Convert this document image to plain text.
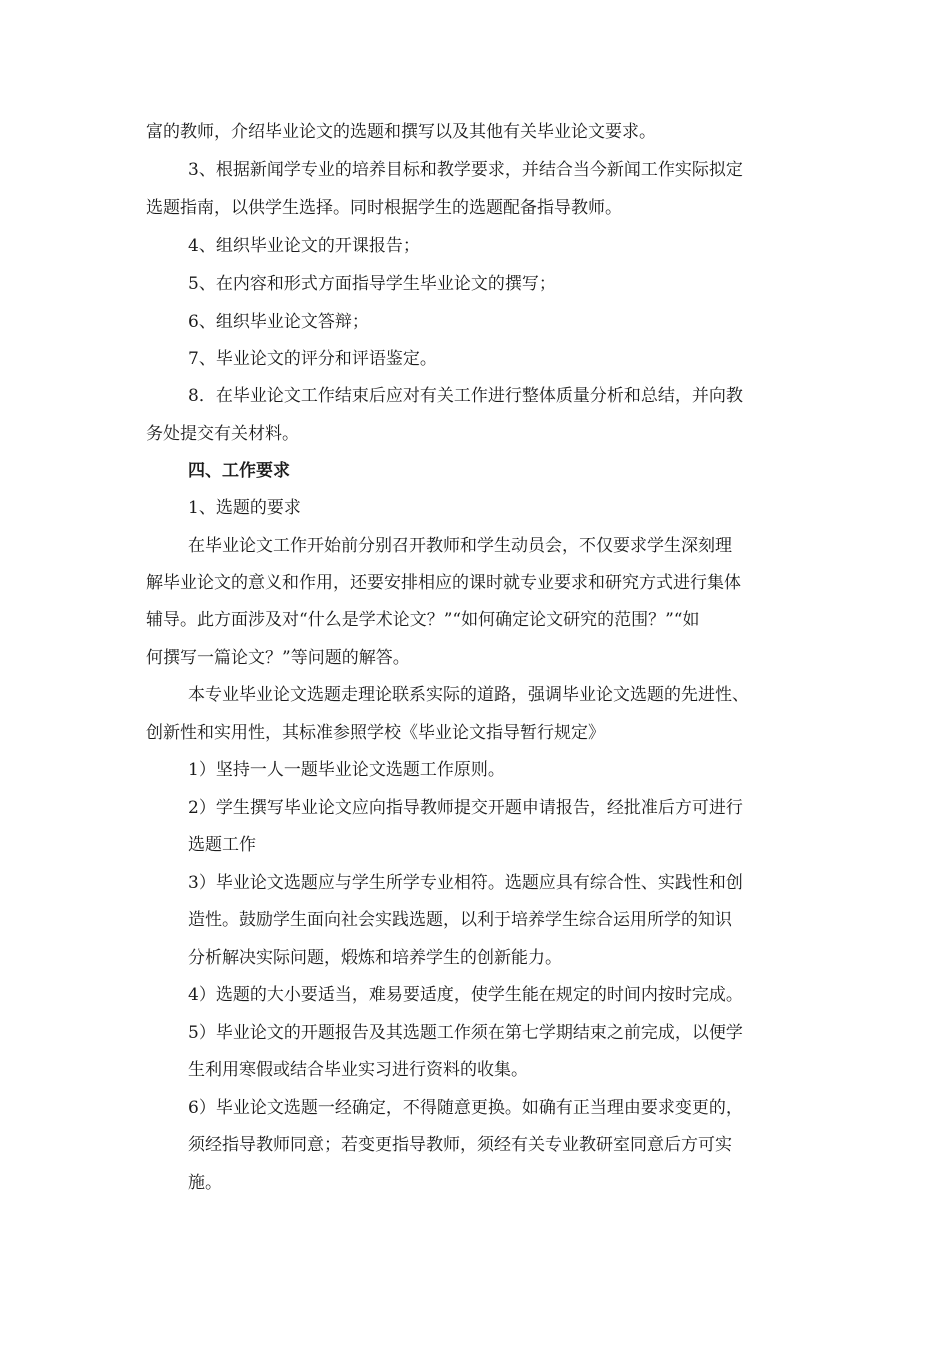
富的教师，介绍毕业论文的选题和撰写以及其他有关毕业论文要求。
3、根据新闻学专业的培养目标和教学要求，并结合当今新闻工作实际拟定
选题指南，以供学生选择。同时根据学生的选题配备指导教师。
4、组织毕业论文的开课报告；
5、在内容和形式方面指导学生毕业论文的撰写；
6、组织毕业论文答辩；
7、毕业论文的评分和评语鉴定。
8．在毕业论文工作结束后应对有关工作进行整体质量分析和总结，并向教
务处提交有关材料。
四、工作要求
1、选题的要求
在毕业论文工作开始前分别召开教师和学生动员会，不仅要求学生深刻理
解毕业论文的意义和作用，还要安排相应的课时就专业要求和研究方式进行集体
辅导。此方面涉及对“什么是学术论文？”“如何确定论文研究的范围？”“如
何撰写一篇论文？”等问题的解答。
本专业毕业论文选题走理论联系实际的道路，强调毕业论文选题的先进性、
创新性和实用性，其标准参照学校《毕业论文指导暂行规定》
1）坚持一人一题毕业论文选题工作原则。
2）学生撰写毕业论文应向指导教师提交开题申请报告，经批准后方可进行
选题工作
3）毕业论文选题应与学生所学专业相符。选题应具有综合性、实践性和创
造性。鼓励学生面向社会实践选题，以利于培养学生综合运用所学的知识
分析解决实际问题，煅炼和培养学生的创新能力。
4）选题的大小要适当，难易要适度，使学生能在规定的时间内按时完成。
5）毕业论文的开题报告及其选题工作须在第七学期结束之前完成，以便学
生利用寒假或结合毕业实习进行资料的收集。
6）毕业论文选题一经确定，不得随意更换。如确有正当理由要求变更的，
须经指导教师同意；若变更指导教师，须经有关专业教研室同意后方可实
施。
